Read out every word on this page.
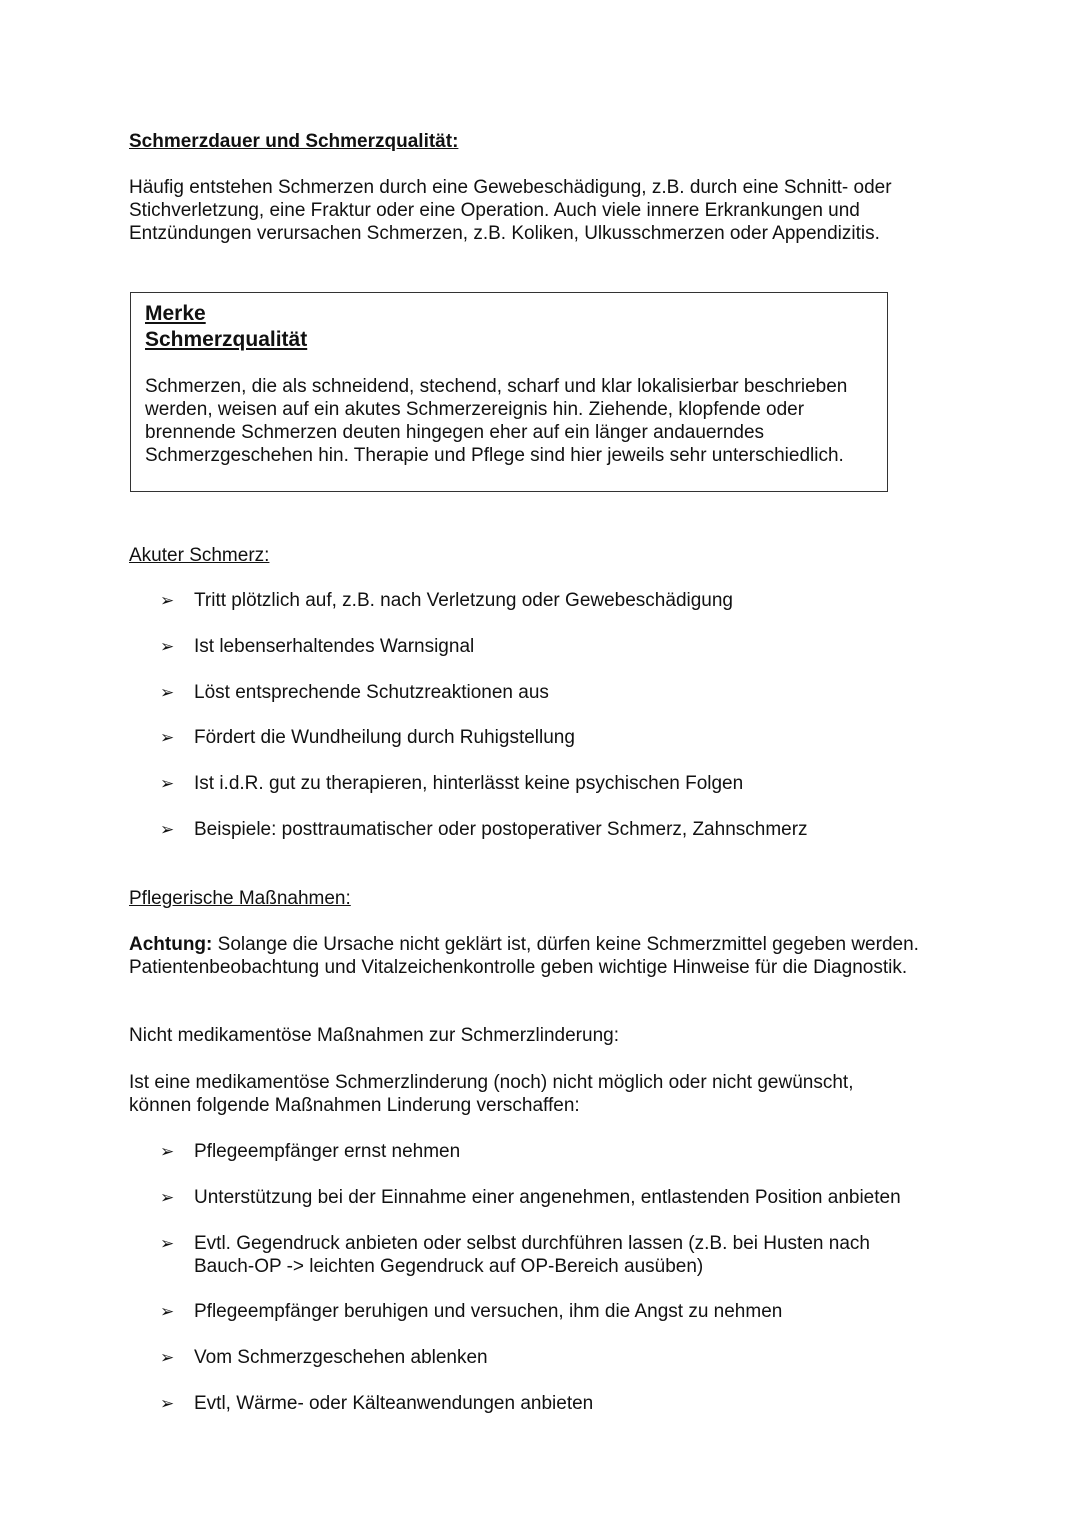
Schmerzdauer und Schmerzqualität:
Häufig entstehen Schmerzen durch eine Gewebeschädigung, z.B. durch eine Schnitt- oder Stichverletzung, eine Fraktur oder eine Operation. Auch viele innere Erkrankungen und Entzündungen verursachen Schmerzen, z.B. Koliken, Ulkusschmerzen oder Appendizitis.
Merke
Schmerzqualität
Schmerzen, die als schneidend, stechend, scharf und klar lokalisierbar beschrieben werden, weisen auf ein akutes Schmerzereignis hin. Ziehende, klopfende oder brennende Schmerzen deuten hingegen eher auf ein länger andauerndes Schmerzgeschehen hin. Therapie und Pflege sind hier jeweils sehr unterschiedlich.
Akuter Schmerz:
➢ Tritt plötzlich auf, z.B. nach Verletzung oder Gewebeschädigung
➢ Ist lebenserhaltendes Warnsignal
➢ Löst entsprechende Schutzreaktionen aus
➢ Fördert die Wundheilung durch Ruhigstellung
➢ Ist i.d.R. gut zu therapieren, hinterlässt keine psychischen Folgen
➢ Beispiele: posttraumatischer oder postoperativer Schmerz, Zahnschmerz
Pflegerische Maßnahmen:
Achtung: Solange die Ursache nicht geklärt ist, dürfen keine Schmerzmittel gegeben werden. Patientenbeobachtung und Vitalzeichenkontrolle geben wichtige Hinweise für die Diagnostik.
Nicht medikamentöse Maßnahmen zur Schmerzlinderung:
Ist eine medikamentöse Schmerzlinderung (noch) nicht möglich oder nicht gewünscht, können folgende Maßnahmen Linderung verschaffen:
➢ Pflegeempfänger ernst nehmen
➢ Unterstützung bei der Einnahme einer angenehmen, entlastenden Position anbieten
➢ Evtl. Gegendruck anbieten oder selbst durchführen lassen (z.B. bei Husten nach Bauch-OP -> leichten Gegendruck auf OP-Bereich ausüben)
➢ Pflegeempfänger beruhigen und versuchen, ihm die Angst zu nehmen
➢ Vom Schmerzgeschehen ablenken
➢ Evtl, Wärme- oder Kälteanwendungen anbieten
